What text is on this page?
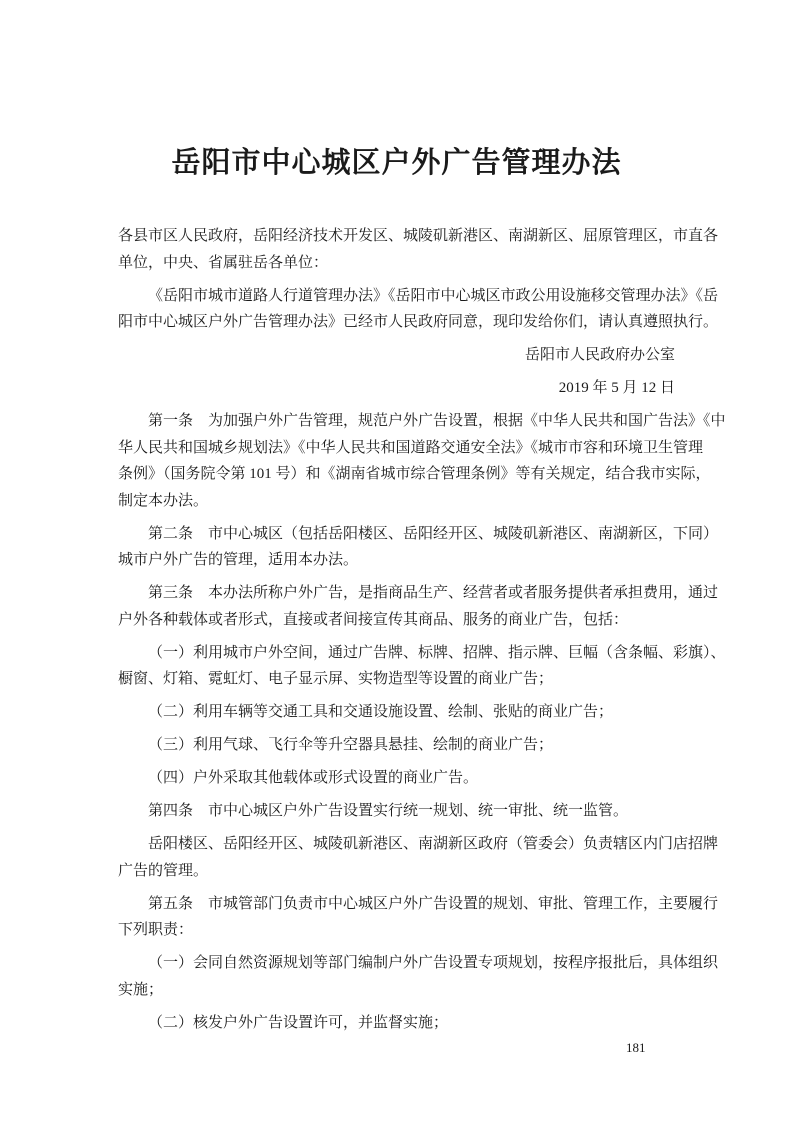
岳阳市中心城区户外广告管理办法
各县市区人民政府，岳阳经济技术开发区、城陵矶新港区、南湖新区、屈原管理区，市直各
单位，中央、省属驻岳各单位：
《岳阳市城市道路人行道管理办法》《岳阳市中心城区市政公用设施移交管理办法》《岳
阳市中心城区户外广告管理办法》已经市人民政府同意，现印发给你们，请认真遵照执行。
岳阳市人民政府办公室
2019 年 5 月 12 日
第一条　为加强户外广告管理，规范户外广告设置，根据《中华人民共和国广告法》《中
华人民共和国城乡规划法》《中华人民共和国道路交通安全法》《城市市容和环境卫生管理
条例》（国务院令第 101 号）和《湖南省城市综合管理条例》等有关规定，结合我市实际，
制定本办法。
第二条　市中心城区（包括岳阳楼区、岳阳经开区、城陵矶新港区、南湖新区，下同）
城市户外广告的管理，适用本办法。
第三条　本办法所称户外广告，是指商品生产、经营者或者服务提供者承担费用，通过
户外各种载体或者形式，直接或者间接宣传其商品、服务的商业广告，包括：
（一）利用城市户外空间，通过广告牌、标牌、招牌、指示牌、巨幅（含条幅、彩旗）、
橱窗、灯箱、霓虹灯、电子显示屏、实物造型等设置的商业广告；
（二）利用车辆等交通工具和交通设施设置、绘制、张贴的商业广告；
（三）利用气球、飞行伞等升空器具悬挂、绘制的商业广告；
（四）户外采取其他载体或形式设置的商业广告。
第四条　市中心城区户外广告设置实行统一规划、统一审批、统一监管。
岳阳楼区、岳阳经开区、城陵矶新港区、南湖新区政府（管委会）负责辖区内门店招牌
广告的管理。
第五条　市城管部门负责市中心城区户外广告设置的规划、审批、管理工作，主要履行
下列职责：
（一）会同自然资源规划等部门编制户外广告设置专项规划，按程序报批后，具体组织
实施；
（二）核发户外广告设置许可，并监督实施；
181
